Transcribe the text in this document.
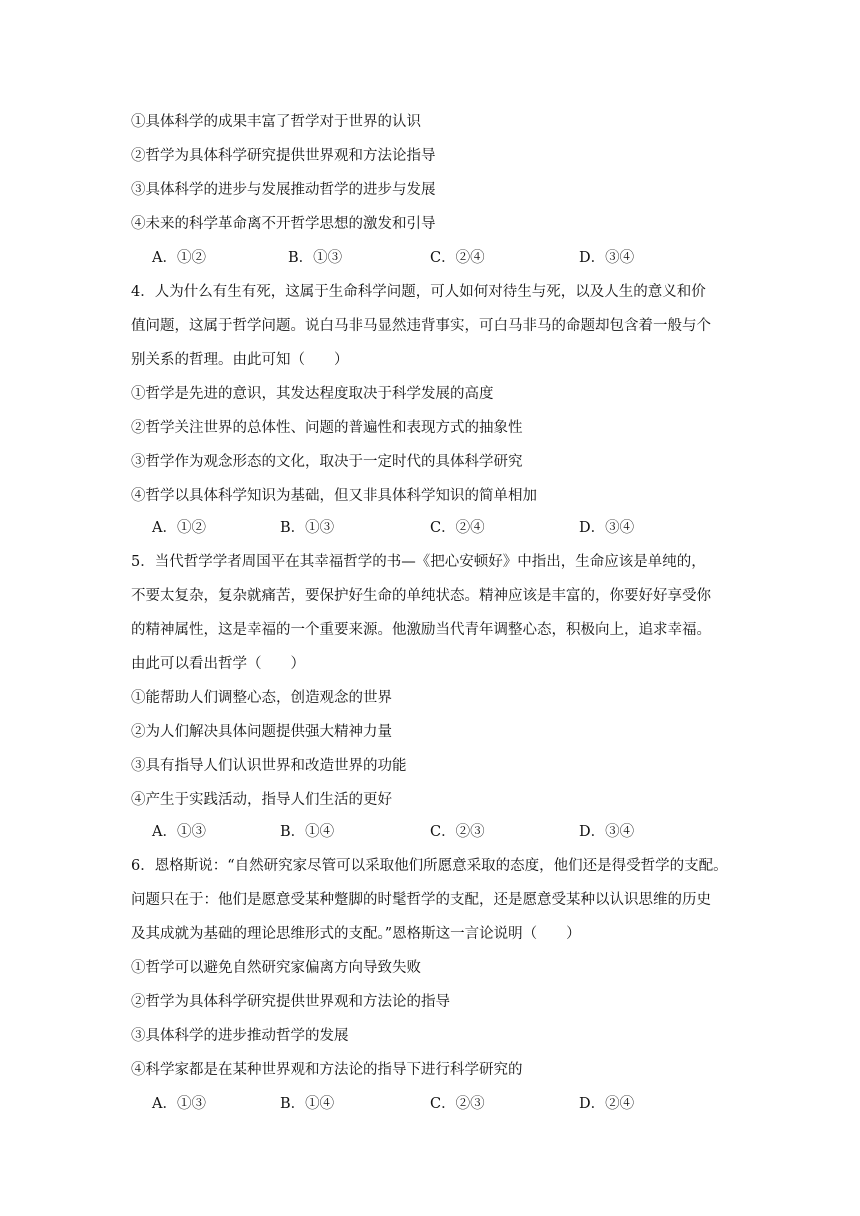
①具体科学的成果丰富了哲学对于世界的认识
②哲学为具体科学研究提供世界观和方法论指导
③具体科学的进步与发展推动哲学的进步与发展
④未来的科学革命离不开哲学思想的激发和引导
A．①②	B．①③	C．②④	D．③④
4．人为什么有生有死，这属于生命科学问题，可人如何对待生与死，以及人生的意义和价
值问题，这属于哲学问题。说白马非马显然违背事实，可白马非马的命题却包含着一般与个
别关系的哲理。由此可知（　　）
①哲学是先进的意识，其发达程度取决于科学发展的高度
②哲学关注世界的总体性、问题的普遍性和表现方式的抽象性
③哲学作为观念形态的文化，取决于一定时代的具体科学研究
④哲学以具体科学知识为基础，但又非具体科学知识的简单相加
A．①②	B．①③	C．②④	D．③④
5．当代哲学学者周国平在其幸福哲学的书—《把心安顿好》中指出，生命应该是单纯的，
不要太复杂，复杂就痛苦，要保护好生命的单纯状态。精神应该是丰富的，你要好好享受你
的精神属性，这是幸福的一个重要来源。他激励当代青年调整心态，积极向上，追求幸福。
由此可以看出哲学（　　）
①能帮助人们调整心态，创造观念的世界
②为人们解决具体问题提供强大精神力量
③具有指导人们认识世界和改造世界的功能
④产生于实践活动，指导人们生活的更好
A．①③	B．①④	C．②③	D．③④
6．恩格斯说：“自然研究家尽管可以采取他们所愿意采取的态度，他们还是得受哲学的支配。
问题只在于：他们是愿意受某种蹩脚的时髦哲学的支配，还是愿意受某种以认识思维的历史
及其成就为基础的理论思维形式的支配。”恩格斯这一言论说明（　　）
①哲学可以避免自然研究家偏离方向导致失败
②哲学为具体科学研究提供世界观和方法论的指导
③具体科学的进步推动哲学的发展
④科学家都是在某种世界观和方法论的指导下进行科学研究的
A．①③	B．①④	C．②③	D．②④
